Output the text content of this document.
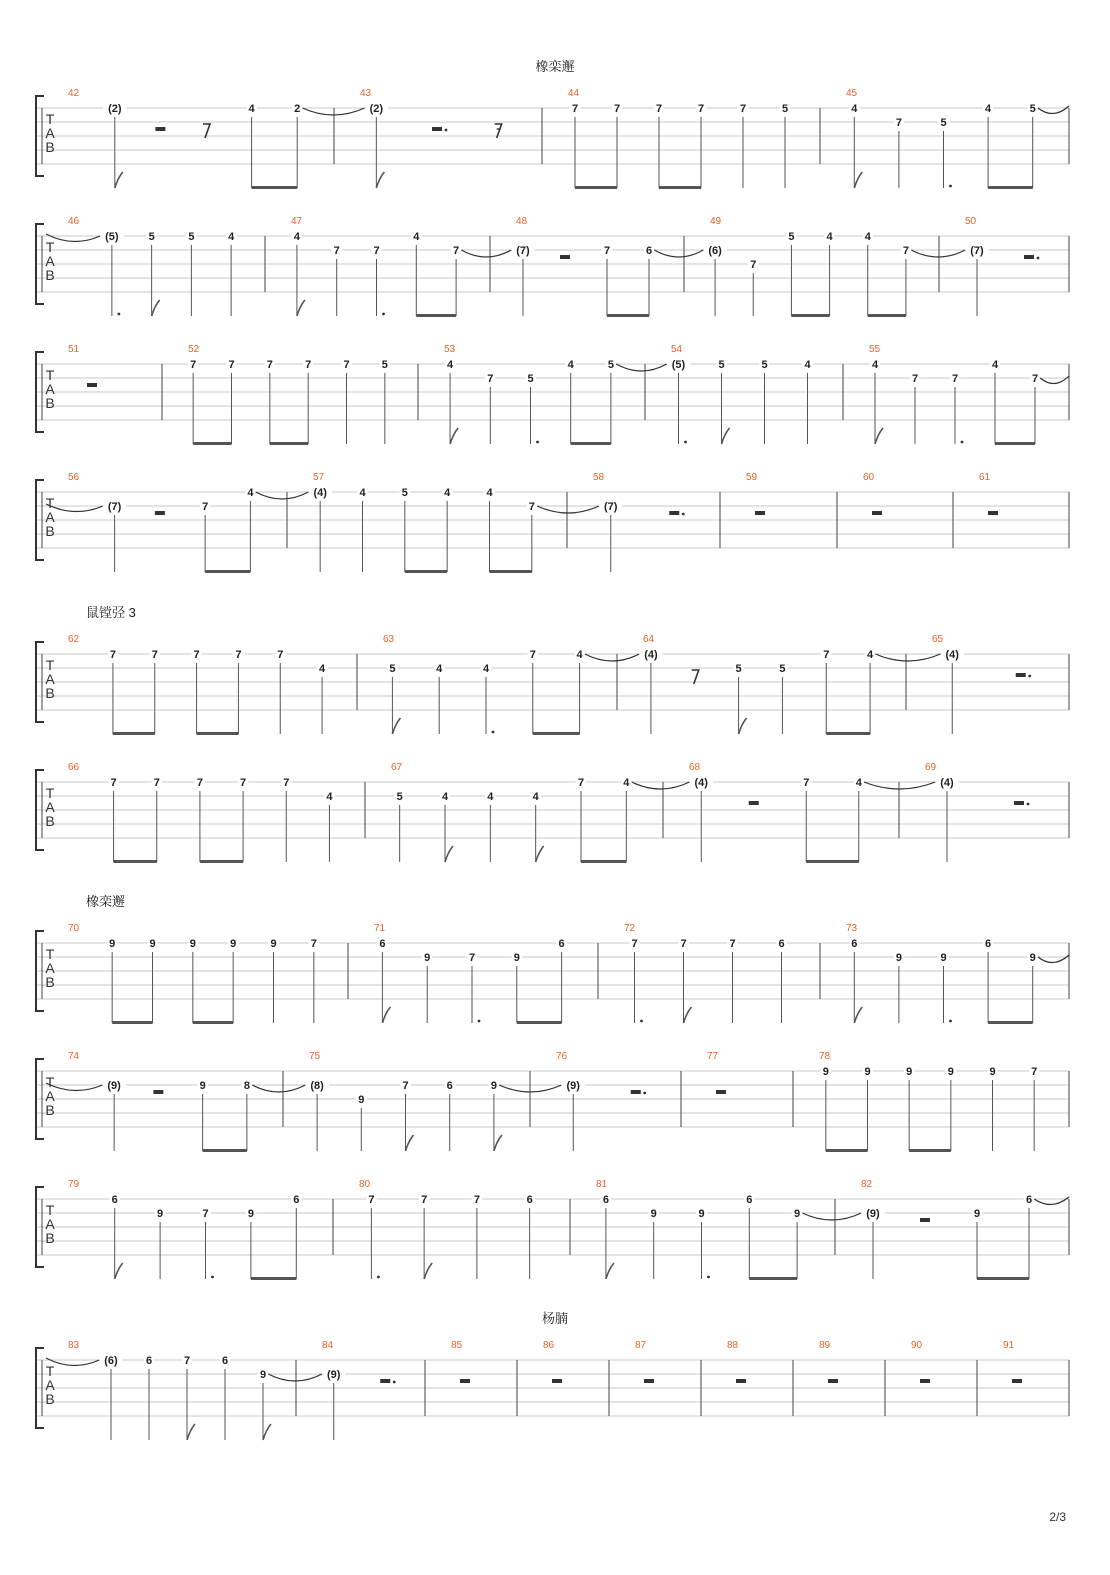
T
A
B
42
(2)	4	2
43
(2)
44
7	7	7	7	7	5
45
4
7	5
4	5
T
A
B
46
(5)	5	5	4
47
4
7	7
4
7
48
(7)	7	6
49
(6)
7
5	4	4
7
50
(7)
T
A
B
51	52
7	7	7	7	7	5
53
4
7	5
4	5
54
(5)	5	5	4
55
4
7	7
4
7
T
A
B
56
(7)	7
4
57
(4)	4	5	4	4
7
58
(7)
59	60	61
T
A
B
62
7	7	7	7	7
4
63
5	4	4
7	4
64
(4)
5	5
7	4
65
(4)
T
A
B
66
7	7	7	7	7
4
67
5	4	4	4
7	4
68
(4)	7	4
69
(4)
T
A
B
70
9	9	9	9	9	7
71
6
9	7	9
6
72
7	7	7	6
73
6
9	9
6
9
T
A
B
74
(9)	9	8
75
(8)
9
7	6	9
76
(9)
77	78
9	9	9	9	9	7
T
A
B
79
6
9	7	9
6
80
7	7	7	6
81
6
9	9
6
9
82
(9)	9
6
T
A
B
83
(6)	6	7	6
9
84
(9)
85	86	87	88	89	90	91
橡栾邂
鼠镗弪 3
橡栾邂
杨腩
2/3
